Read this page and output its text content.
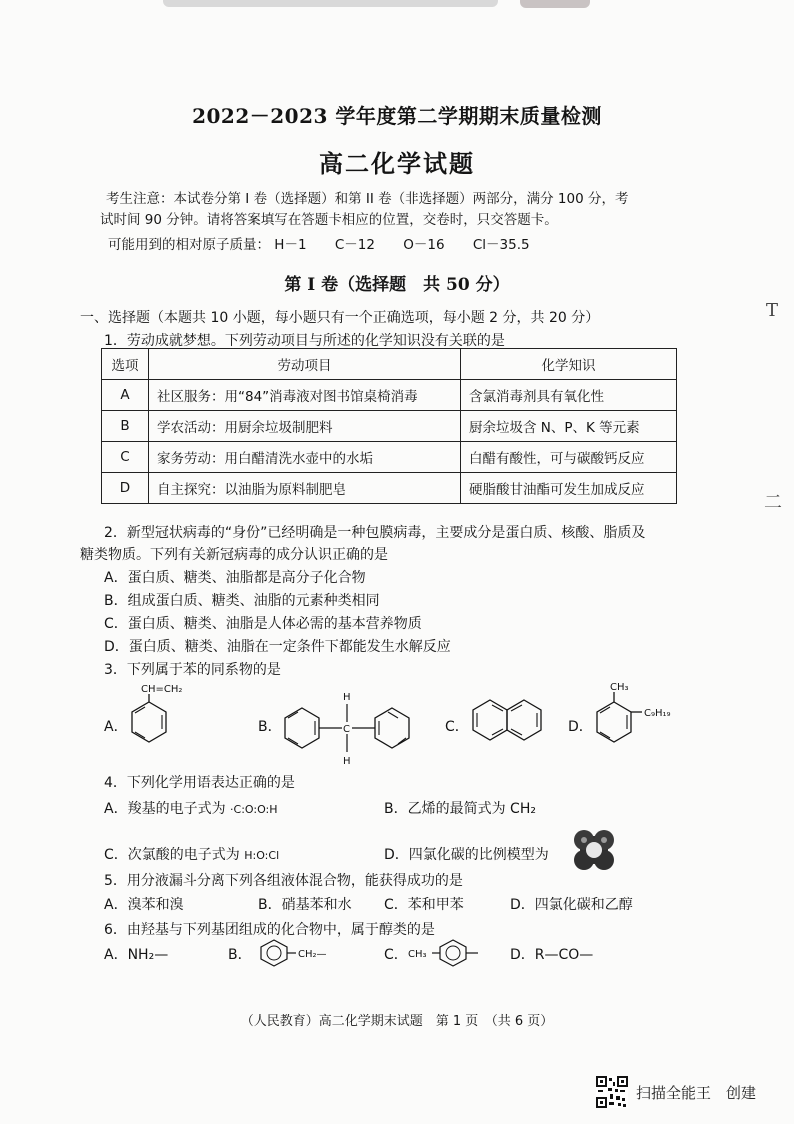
T
二
2022－2023 学年度第二学期期末质量检测
高二化学试题
考生注意：本试卷分第 I 卷（选择题）和第 II 卷（非选择题）两部分，满分 100 分，考
试时间 90 分钟。请将答案填写在答题卡相应的位置，交卷时，只交答题卡。
可能用到的相对原子质量： H－1 C－12 O－16 Cl－35.5
第 I 卷（选择题　共 50 分）
一、选择题（本题共 10 小题，每小题只有一个正确选项，每小题 2 分，共 20 分）
1．劳动成就梦想。下列劳动项目与所述的化学知识没有关联的是
选项	劳动项目	化学知识
A	社区服务：用“84”消毒液对图书馆桌椅消毒	含氯消毒剂具有氧化性
B	学农活动：用厨余垃圾制肥料	厨余垃圾含 N、P、K 等元素
C	家务劳动：用白醋清洗水壶中的水垢	白醋有酸性，可与碳酸钙反应
D	自主探究：以油脂为原料制肥皂	硬脂酸甘油酯可发生加成反应
2．新型冠状病毒的“身份”已经明确是一种包膜病毒，主要成分是蛋白质、核酸、脂质及
糖类物质。下列有关新冠病毒的成分认识正确的是
A．蛋白质、糖类、油脂都是高分子化合物
B．组成蛋白质、糖类、油脂的元素种类相同
C．蛋白质、糖类、油脂是人体必需的基本营养物质
D．蛋白质、糖类、油脂在一定条件下都能发生水解反应
3．下列属于苯的同系物的是
A．	B．	C．	D．
CH=CH₂
C
H
H
CH₃
C₉H₁₉
4．下列化学用语表达正确的是
A．羧基的电子式为 ·C:O:O:H	B．乙烯的最简式为 CH₂
C．次氯酸的电子式为 H:O:Cl	D．四氯化碳的比例模型为
5．用分液漏斗分离下列各组液体混合物，能获得成功的是
A．溴苯和溴	B．硝基苯和水 C．苯和甲苯	D．四氯化碳和乙醇
6．由羟基与下列基团组成的化合物中，属于醇类的是
A．NH₂—	B．	CH₂—	C． CH₃	D．R—CO—
（人民教育）高二化学期末试题　第 1 页　（共 6 页）
扫描全能王　创建
